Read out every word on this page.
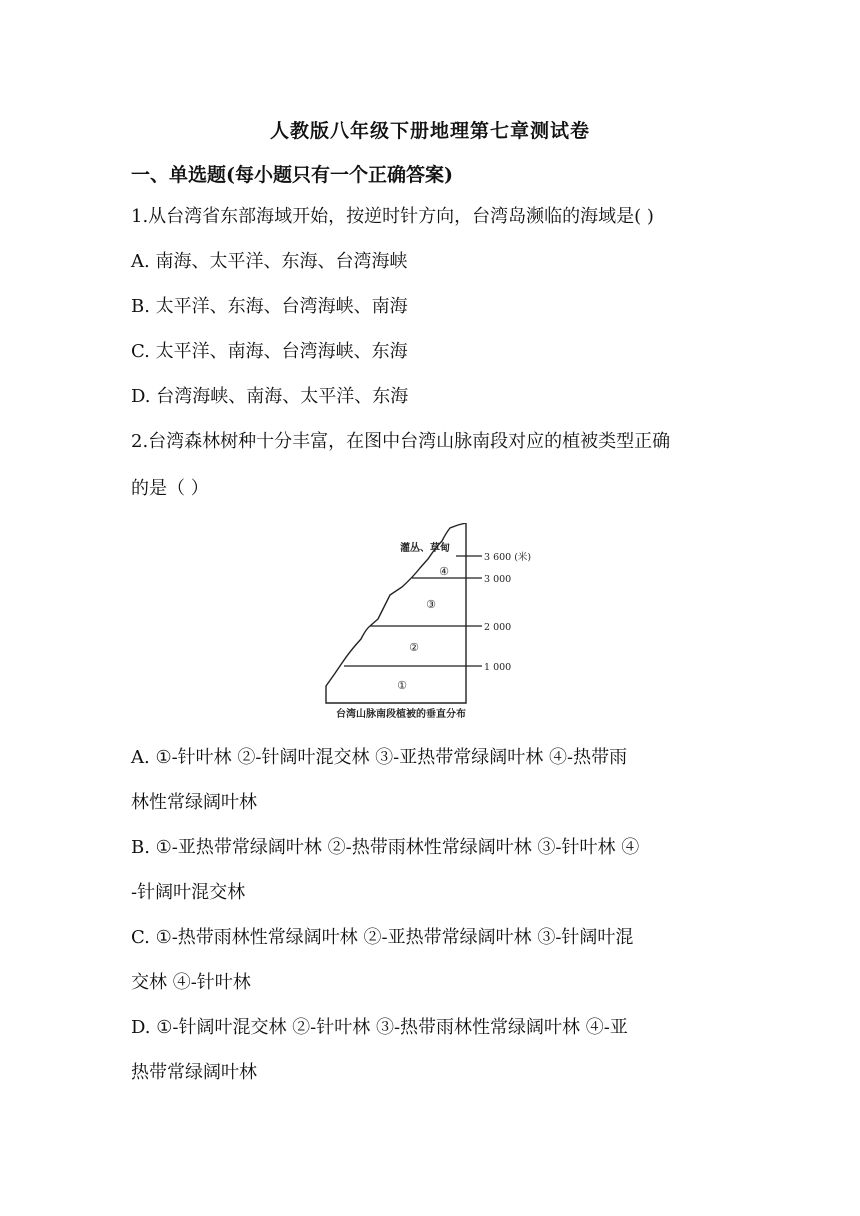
人教版八年级下册地理第七章测试卷
一、单选题(每小题只有一个正确答案)
1.从台湾省东部海域开始，按逆时针方向，台湾岛濒临的海域是( )
A. 南海、太平洋、东海、台湾海峡
B. 太平洋、东海、台湾海峡、南海
C. 太平洋、南海、台湾海峡、东海
D. 台湾海峡、南海、太平洋、东海
2.台湾森林树种十分丰富，在图中台湾山脉南段对应的植被类型正确
的是（ ）
灌丛、草甸
④
③
②
①
3 600 (米)
3 000
2 000
1 000
台湾山脉南段植被的垂直分布
A. ①-针叶林 ②-针阔叶混交林 ③-亚热带常绿阔叶林 ④-热带雨
林性常绿阔叶林
B. ①-亚热带常绿阔叶林 ②-热带雨林性常绿阔叶林 ③-针叶林 ④
-针阔叶混交林
C. ①-热带雨林性常绿阔叶林 ②-亚热带常绿阔叶林 ③-针阔叶混
交林 ④-针叶林
D. ①-针阔叶混交林 ②-针叶林 ③-热带雨林性常绿阔叶林 ④-亚
热带常绿阔叶林
